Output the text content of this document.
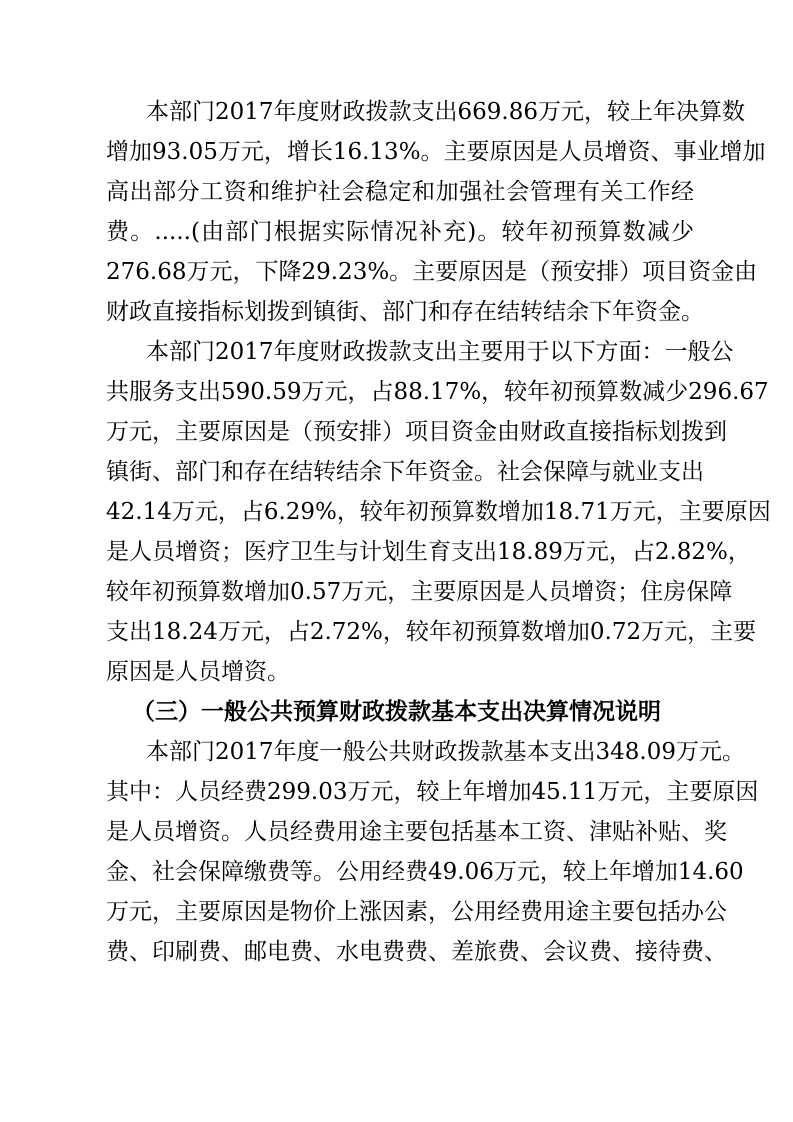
本部门2017年度财政拨款支出669.86万元，较上年决算数
增加93.05万元，增长16.13%。主要原因是人员增资、事业增加
高出部分工资和维护社会稳定和加强社会管理有关工作经
费。.....(由部门根据实际情况补充)。较年初预算数减少
276.68万元，下降29.23%。主要原因是（预安排）项目资金由
财政直接指标划拨到镇街、部门和存在结转结余下年资金。
本部门2017年度财政拨款支出主要用于以下方面：一般公
共服务支出590.59万元，占88.17%，较年初预算数减少296.67
万元，主要原因是（预安排）项目资金由财政直接指标划拨到
镇街、部门和存在结转结余下年资金。社会保障与就业支出
42.14万元，占6.29%，较年初预算数增加18.71万元，主要原因
是人员增资；医疗卫生与计划生育支出18.89万元，占2.82%，
较年初预算数增加0.57万元，主要原因是人员增资；住房保障
支出18.24万元，占2.72%，较年初预算数增加0.72万元，主要
原因是人员增资。
（三）一般公共预算财政拨款基本支出决算情况说明
本部门2017年度一般公共财政拨款基本支出348.09万元。
其中：人员经费299.03万元，较上年增加45.11万元，主要原因
是人员增资。人员经费用途主要包括基本工资、津贴补贴、奖
金、社会保障缴费等。公用经费49.06万元，较上年增加14.60
万元，主要原因是物价上涨因素，公用经费用途主要包括办公
费、印刷费、邮电费、水电费费、差旅费、会议费、接待费、
